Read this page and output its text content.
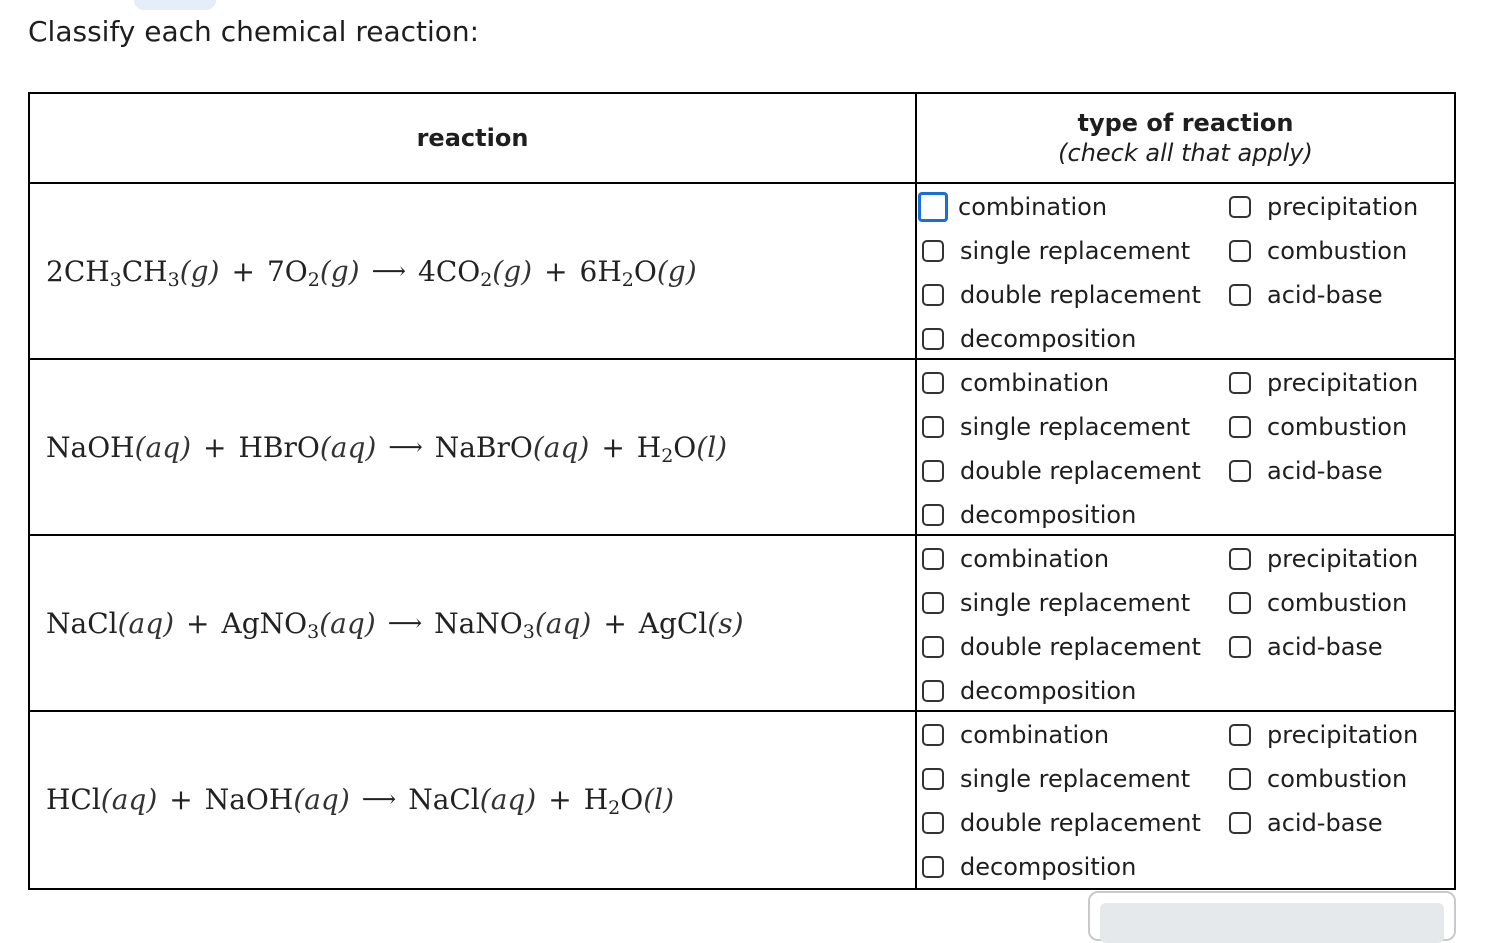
Classify each chemical reaction:
reaction
type of reaction
(check all that apply)
2CH 3 CH 3 (g) + 7O 2 (g) ⟶ 4CO 2 (g) + 6H 2 O (g)
combination
single replacement
double replacement
decomposition
precipitation
combustion
acid-base
NaOH (aq) + HBrO (aq) ⟶ NaBrO (aq) + H 2 O (l)
combination
single replacement
double replacement
decomposition
precipitation
combustion
acid-base
NaCl (aq) + AgNO 3 (aq) ⟶ NaNO 3 (aq) + AgCl (s)
combination
single replacement
double replacement
decomposition
precipitation
combustion
acid-base
HCl (aq) + NaOH (aq) ⟶ NaCl (aq) + H 2 O (l)
combination
single replacement
double replacement
decomposition
precipitation
combustion
acid-base
